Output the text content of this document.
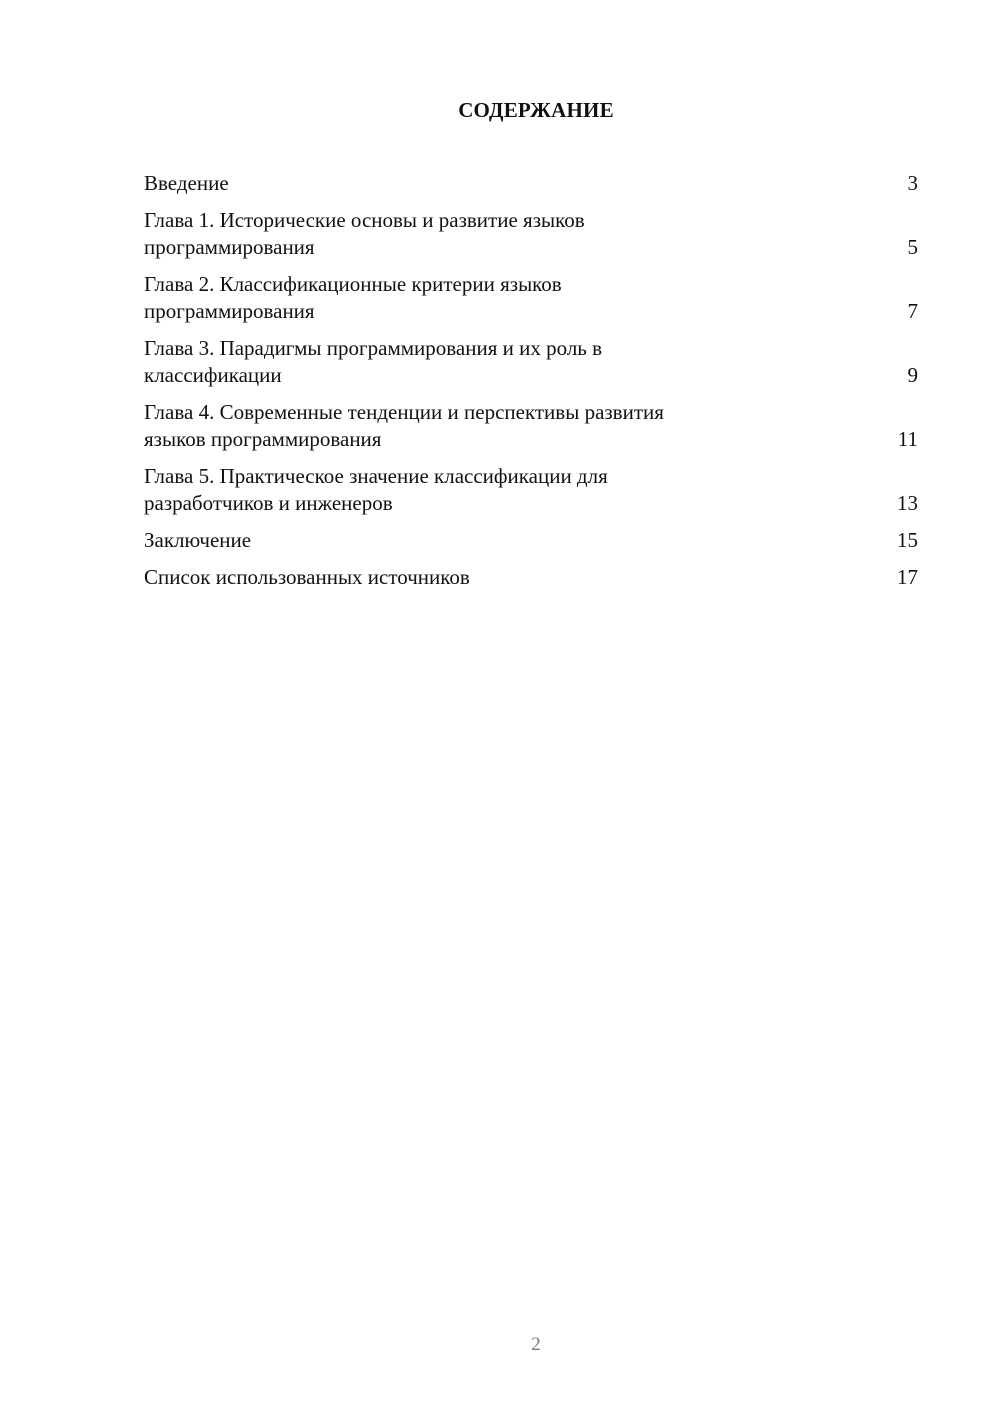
СОДЕРЖАНИЕ
Введение	3
Глава 1. Исторические основы и развитие языков
программирования	5
Глава 2. Классификационные критерии языков
программирования	7
Глава 3. Парадигмы программирования и их роль в
классификации	9
Глава 4. Современные тенденции и перспективы развития
языков программирования	11
Глава 5. Практическое значение классификации для
разработчиков и инженеров	13
Заключение	15
Список использованных источников	17
2
